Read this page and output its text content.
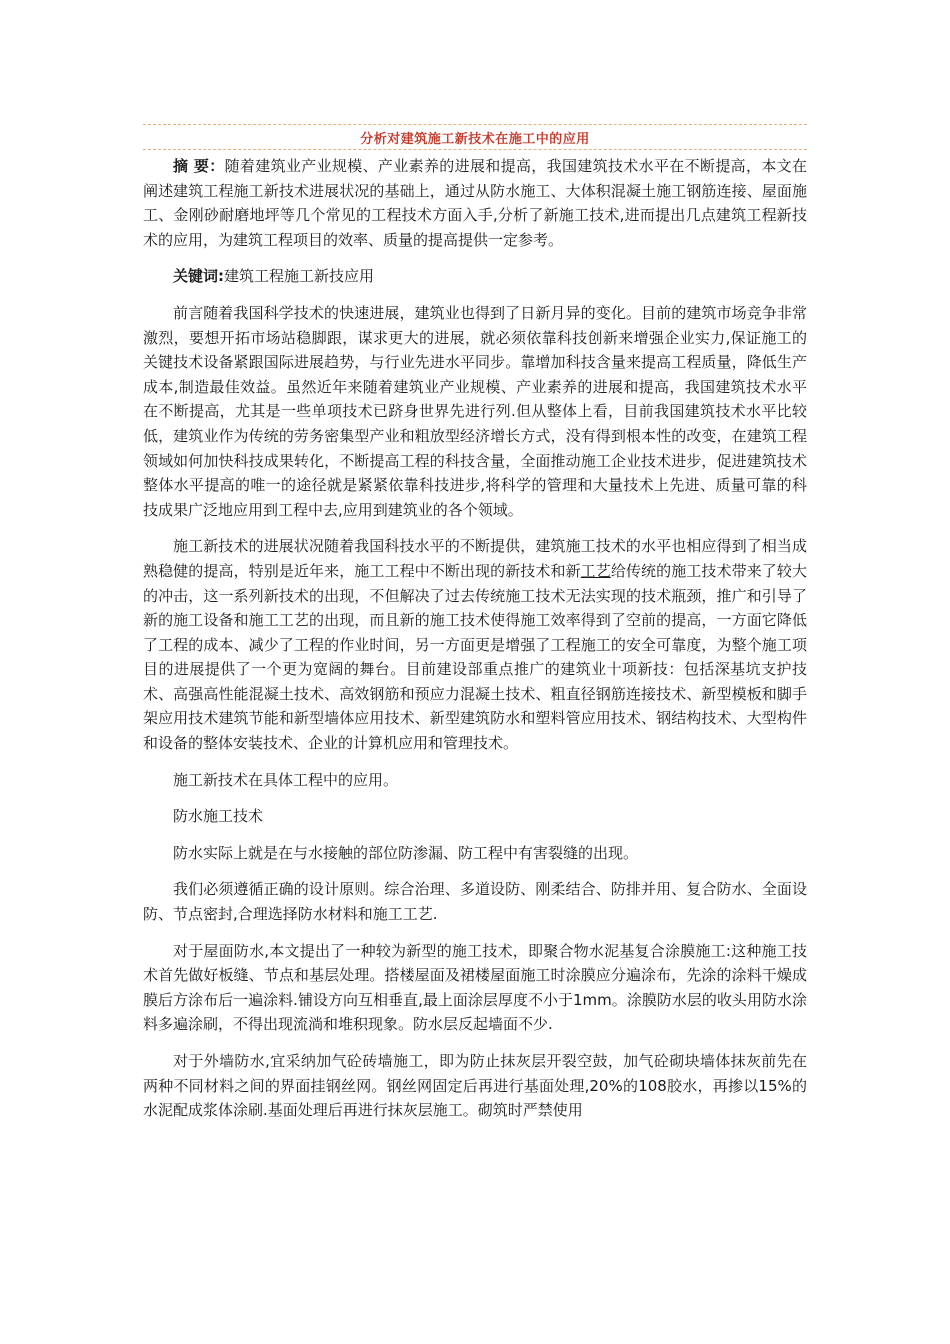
分析对建筑施工新技术在施工中的应用

摘 要：随着建筑业产业规模、产业素养的进展和提高，我国建筑技术水平在不断提高，本文在阐述建筑工程施工新技术进展状况的基础上，通过从防水施工、大体积混凝土施工钢筋连接、屋面施工、金刚砂耐磨地坪等几个常见的工程技术方面入手,分析了新施工技术,进而提出几点建筑工程新技术的应用，为建筑工程项目的效率、质量的提高提供一定参考。

关键词:建筑工程施工新技应用

前言随着我国科学技术的快速进展，建筑业也得到了日新月异的变化。目前的建筑市场竞争非常激烈，要想开拓市场站稳脚跟，谋求更大的进展，就必须依靠科技创新来增强企业实力,保证施工的关键技术设备紧跟国际进展趋势，与行业先进水平同步。靠增加科技含量来提高工程质量，降低生产成本,制造最佳效益。虽然近年来随着建筑业产业规模、产业素养的进展和提高，我国建筑技术水平在不断提高，尤其是一些单项技术已跻身世界先进行列.但从整体上看，目前我国建筑技术水平比较低，建筑业作为传统的劳务密集型产业和粗放型经济增长方式，没有得到根本性的改变，在建筑工程领域如何加快科技成果转化，不断提高工程的科技含量，全面推动施工企业技术进步，促进建筑技术整体水平提高的唯一的途径就是紧紧依靠科技进步,将科学的管理和大量技术上先进、质量可靠的科技成果广泛地应用到工程中去,应用到建筑业的各个领域。

施工新技术的进展状况随着我国科技水平的不断提供，建筑施工技术的水平也相应得到了相当成熟稳健的提高，特别是近年来，施工工程中不断出现的新技术和新工艺给传统的施工技术带来了较大的冲击，这一系列新技术的出现，不但解决了过去传统施工技术无法实现的技术瓶颈，推广和引导了新的施工设备和施工工艺的出现，而且新的施工技术使得施工效率得到了空前的提高，一方面它降低了工程的成本、减少了工程的作业时间，另一方面更是增强了工程施工的安全可靠度，为整个施工项目的进展提供了一个更为宽阔的舞台。目前建设部重点推广的建筑业十项新技：包括深基坑支护技术、高强高性能混凝土技术、高效钢筋和预应力混凝土技术、粗直径钢筋连接技术、新型模板和脚手架应用技术建筑节能和新型墙体应用技术、新型建筑防水和塑料管应用技术、钢结构技术、大型构件和设备的整体安装技术、企业的计算机应用和管理技术。

施工新技术在具体工程中的应用。

防水施工技术

防水实际上就是在与水接触的部位防渗漏、防工程中有害裂缝的出现。

我们必须遵循正确的设计原则。综合治理、多道设防、刚柔结合、防排并用、复合防水、全面设防、节点密封,合理选择防水材料和施工工艺.

对于屋面防水,本文提出了一种较为新型的施工技术，即聚合物水泥基复合涂膜施工:这种施工技术首先做好板缝、节点和基层处理。搭楼屋面及裙楼屋面施工时涂膜应分遍涂布，先涂的涂料干燥成膜后方涂布后一遍涂料.铺设方向互相垂直,最上面涂层厚度不小于1mm。涂膜防水层的收头用防水涂料多遍涂刷，不得出现流淌和堆积现象。防水层反起墙面不少.

对于外墙防水,宜采纳加气砼砖墙施工，即为防止抹灰层开裂空鼓，加气砼砌块墙体抹灰前先在两种不同材料之间的界面挂钢丝网。钢丝网固定后再进行基面处理,20%的108胶水，再掺以15%的水泥配成浆体涂刷.基面处理后再进行抹灰层施工。砌筑时严禁使用
